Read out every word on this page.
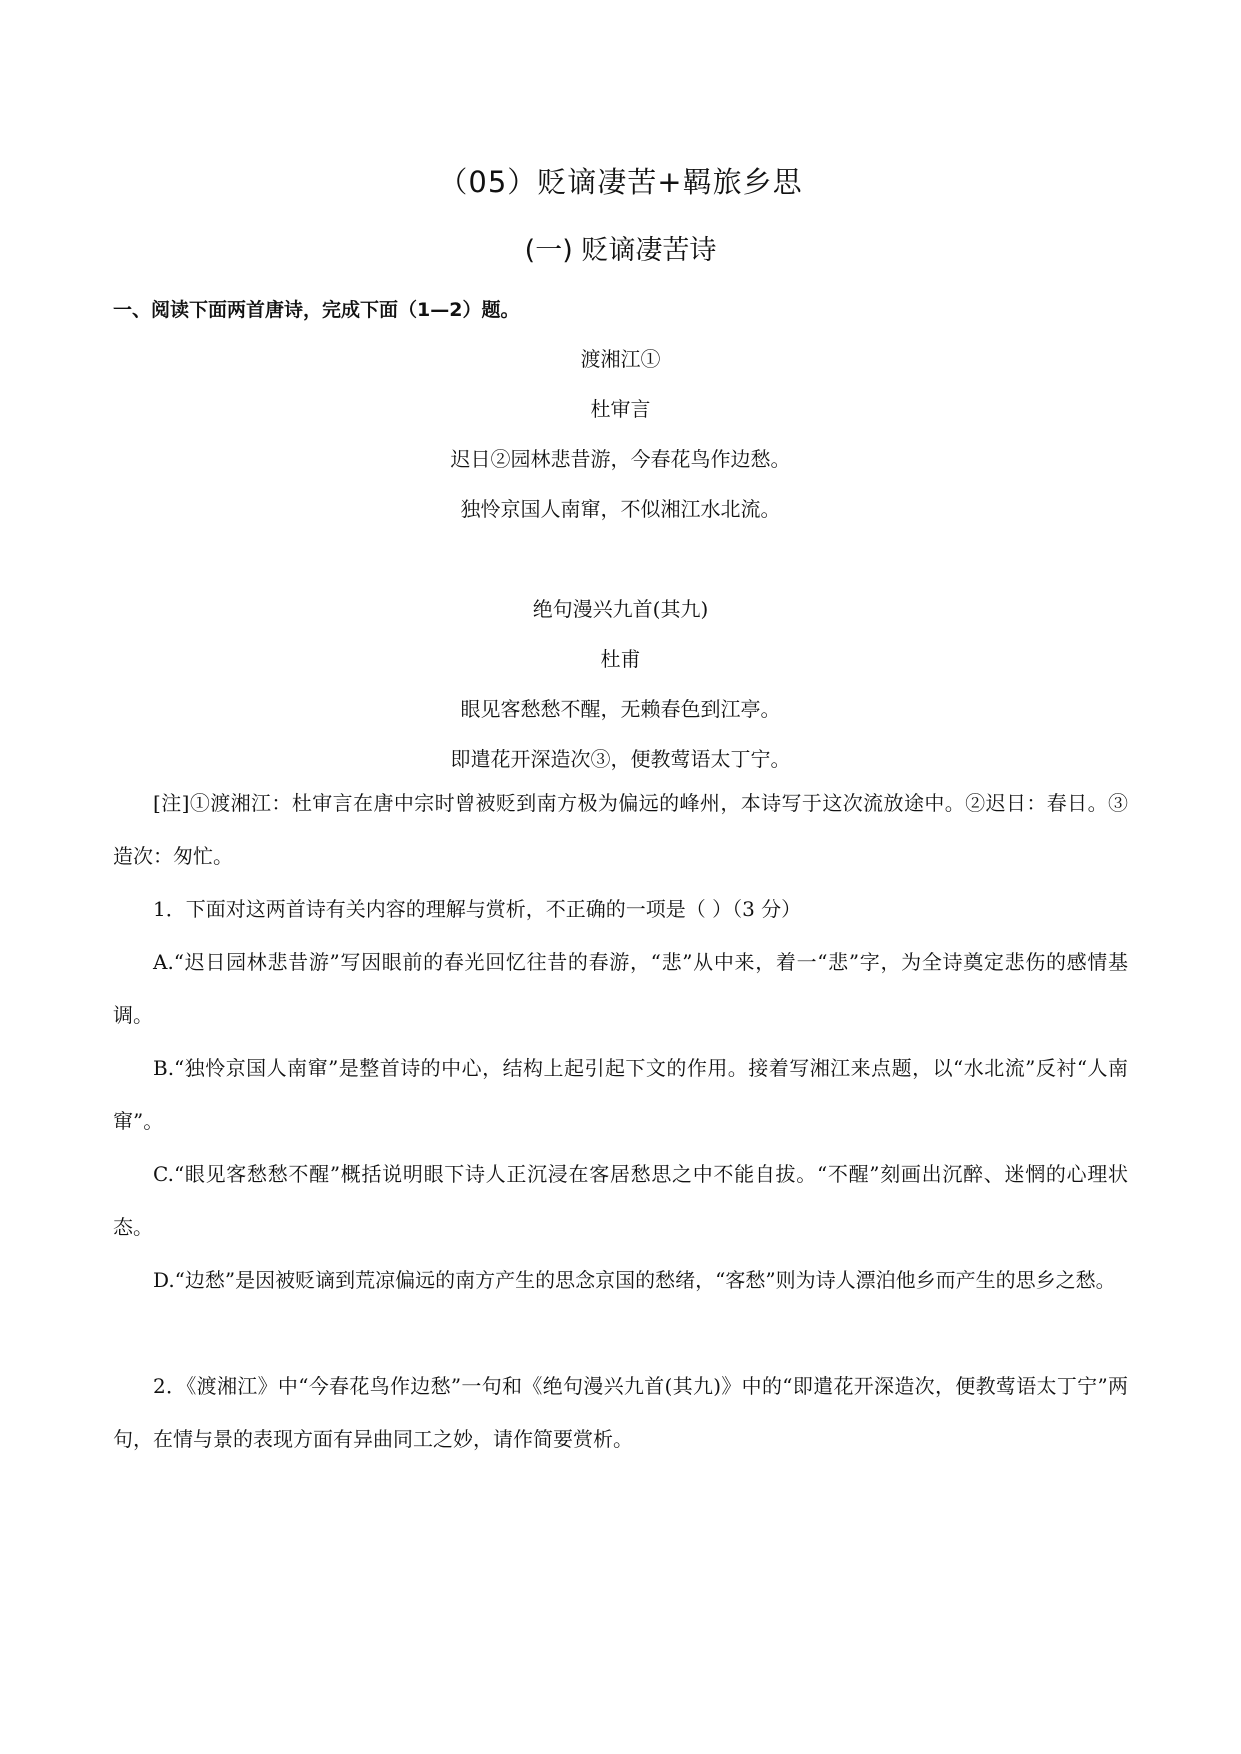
（05）贬谪凄苦+羁旅乡思
(一) 贬谪凄苦诗
一、阅读下面两首唐诗，完成下面（1—2）题。
渡湘江①
杜审言
迟日②园林悲昔游，今春花鸟作边愁。
独怜京国人南窜，不似湘江水北流。
绝句漫兴九首(其九)
杜甫
眼见客愁愁不醒，无赖春色到江亭。
即遣花开深造次③，便教莺语太丁宁。
[注]①渡湘江：杜审言在唐中宗时曾被贬到南方极为偏远的峰州，本诗写于这次流放途中。②迟日：春日。③造次：匆忙。
1．下面对这两首诗有关内容的理解与赏析，不正确的一项是（ ）（3 分）
A.“迟日园林悲昔游”写因眼前的春光回忆往昔的春游，“悲”从中来，着一“悲”字，为全诗奠定悲伤的感情基调。
B.“独怜京国人南窜”是整首诗的中心，结构上起引起下文的作用。接着写湘江来点题，以“水北流”反衬“人南窜”。
C.“眼见客愁愁不醒”概括说明眼下诗人正沉浸在客居愁思之中不能自拔。“不醒”刻画出沉醉、迷惘的心理状态。
D.“边愁”是因被贬谪到荒凉偏远的南方产生的思念京国的愁绪，“客愁”则为诗人漂泊他乡而产生的思乡之愁。
2．《渡湘江》中“今春花鸟作边愁”一句和《绝句漫兴九首(其九)》中的“即遣花开深造次，便教莺语太丁宁”两句，在情与景的表现方面有异曲同工之妙，请作简要赏析。
